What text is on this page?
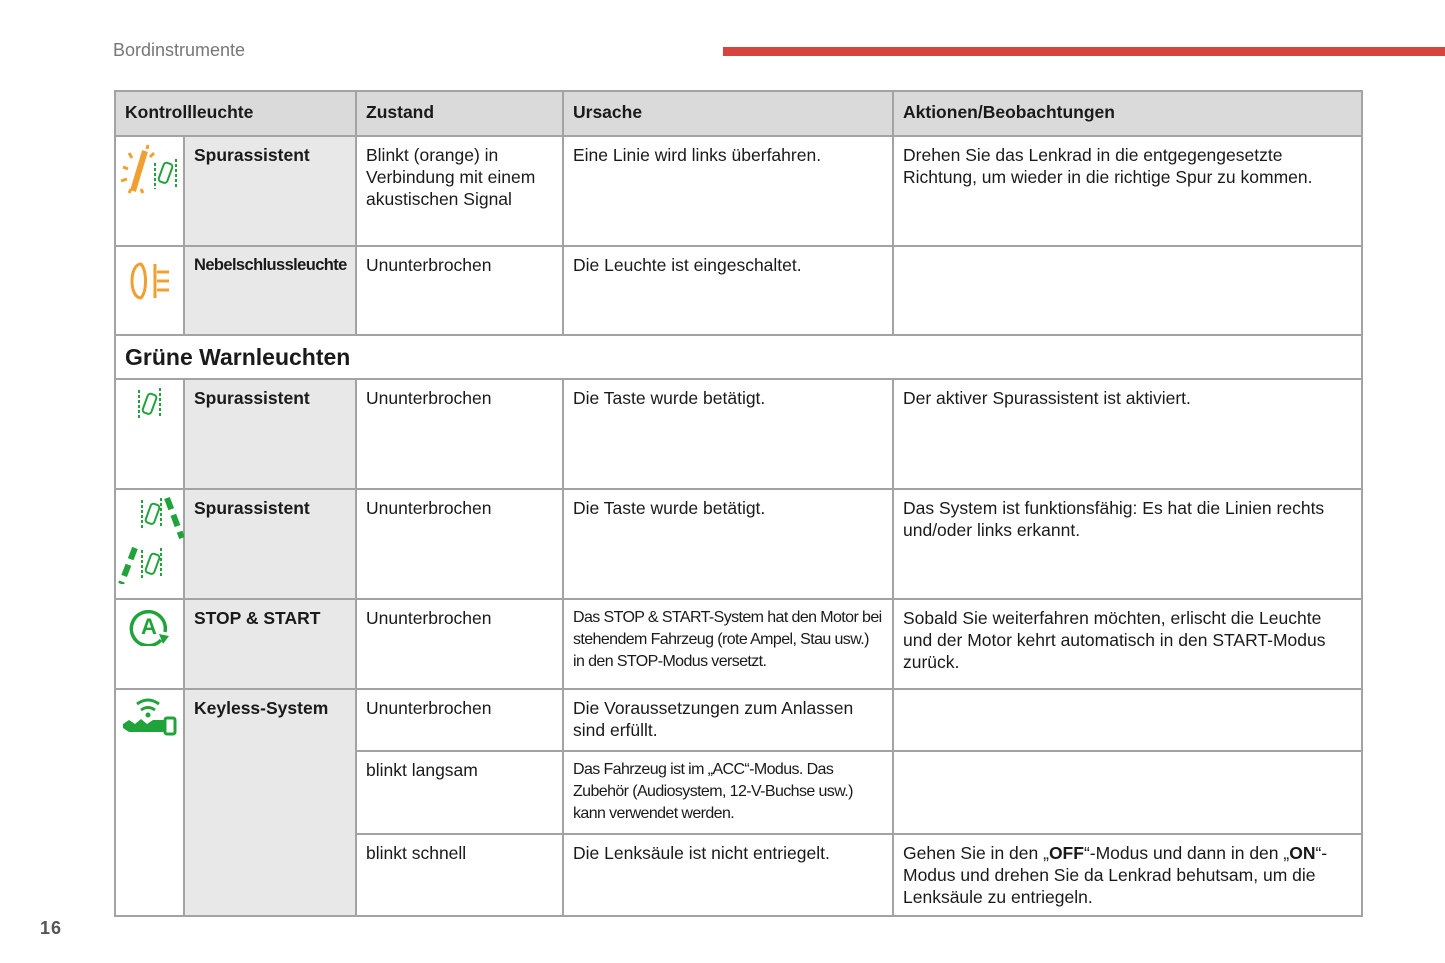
Bordinstrumente
16
Kontrollleuchte		Zustand	Ursache	Aktionen/Beobachtungen

	Spurassistent	Blinkt (orange) in Verbindung mit einem akustischen Signal	Eine Linie wird links überfahren.	Drehen Sie das Lenkrad in die entgegengesetzte Richtung, um wieder in die richtige Spur zu kommen.

	Nebelschlussleuchte	Ununterbrochen	Die Leuchte ist eingeschaltet.	
Grüne Warnleuchten				

	Spurassistent	Ununterbrochen	Die Taste wurde betätigt.	Der aktiver Spurassistent ist aktiviert.

	Spurassistent	Ununterbrochen	Die Taste wurde betätigt.	Das System ist funktionsfähig: Es hat die Linien rechts und/oder links erkannt.

A	STOP & START	Ununterbrochen	Das STOP & START-System hat den Motor bei stehendem Fahrzeug (rote Ampel, Stau usw.) in den STOP-Modus versetzt.	Sobald Sie weiterfahren möchten, erlischt die Leuchte und der Motor kehrt automatisch in den START-Modus zurück.

	Keyless-System	Ununterbrochen	Die Voraussetzungen zum Anlassen sind erfüllt.	
		blinkt langsam	Das Fahrzeug ist im „ACC“-Modus. Das Zubehör (Audiosystem, 12-V-Buchse usw.) kann verwendet werden.	
		blinkt schnell	Die Lenksäule ist nicht entriegelt.	Gehen Sie in den „OFF“-Modus und dann in den „ON“-Modus und drehen Sie da Lenkrad behutsam, um die Lenksäule zu entriegeln.
